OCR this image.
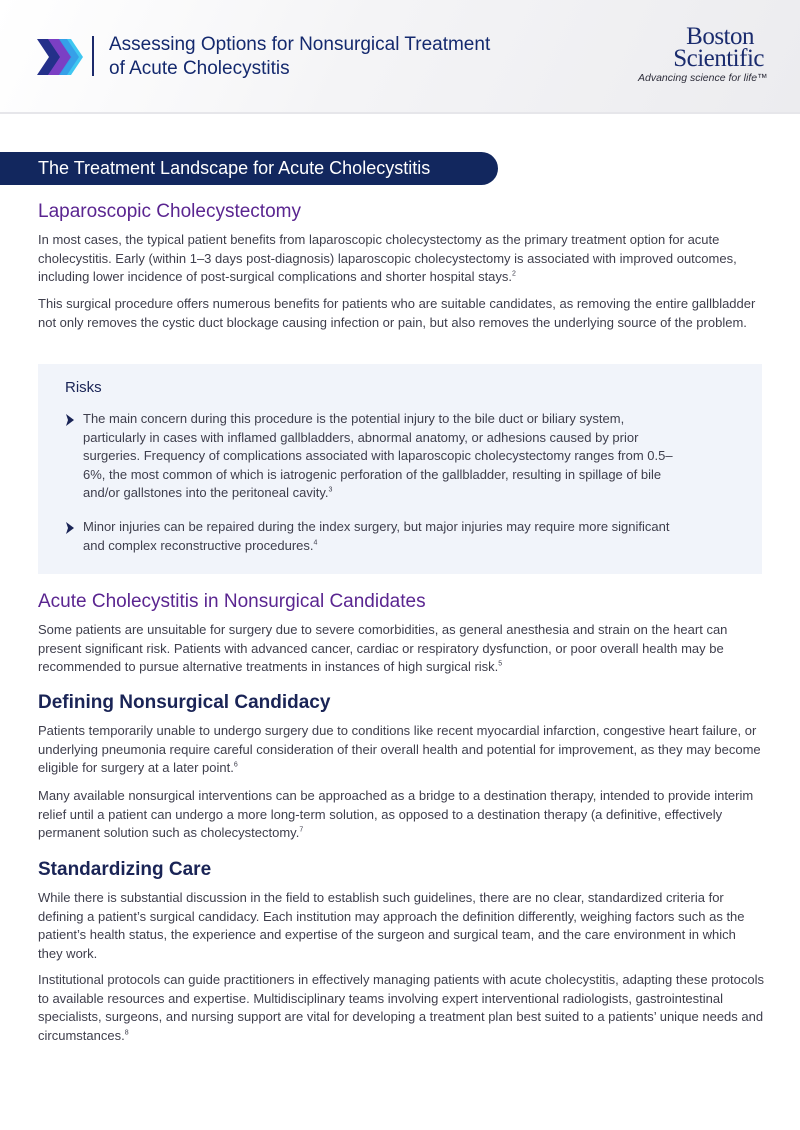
Assessing Options for Nonsurgical Treatment
of Acute Cholecystitis
Boston
Scientific
Advancing science for life™
The Treatment Landscape for Acute Cholecystitis
Laparoscopic Cholecystectomy
In most cases, the typical patient benefits from laparoscopic cholecystectomy as the primary treatment option for acute cholecystitis. Early (within 1–3 days post-diagnosis) laparoscopic cholecystectomy is associated with improved outcomes, including lower incidence of post-surgical complications and shorter hospital stays.$^2$
This surgical procedure offers numerous benefits for patients who are suitable candidates, as removing the entire gallbladder not only removes the cystic duct blockage causing infection or pain, but also removes the underlying source of the problem.
Risks
The main concern during this procedure is the potential injury to the bile duct or biliary system, particularly in cases with inflamed gallbladders, abnormal anatomy, or adhesions caused by prior surgeries. Frequency of complications associated with laparoscopic cholecystectomy ranges from 0.5–6%, the most common of which is iatrogenic perforation of the gallbladder, resulting in spillage of bile and/or gallstones into the peritoneal cavity.$^3$
Minor injuries can be repaired during the index surgery, but major injuries may require more significant and complex reconstructive procedures.$^4$
Acute Cholecystitis in Nonsurgical Candidates
Some patients are unsuitable for surgery due to severe comorbidities, as general anesthesia and strain on the heart can present significant risk. Patients with advanced cancer, cardiac or respiratory dysfunction, or poor overall health may be recommended to pursue alternative treatments in instances of high surgical risk.$^5$
Defining Nonsurgical Candidacy
Patients temporarily unable to undergo surgery due to conditions like recent myocardial infarction, congestive heart failure, or underlying pneumonia require careful consideration of their overall health and potential for improvement, as they may become eligible for surgery at a later point.$^6$
Many available nonsurgical interventions can be approached as a bridge to a destination therapy, intended to provide interim relief until a patient can undergo a more long-term solution, as opposed to a destination therapy (a definitive, effectively permanent solution such as cholecystectomy.$^7$
Standardizing Care
While there is substantial discussion in the field to establish such guidelines, there are no clear, standardized criteria for defining a patient’s surgical candidacy. Each institution may approach the definition differently, weighing factors such as the patient’s health status, the experience and expertise of the surgeon and surgical team, and the care environment in which they work.
Institutional protocols can guide practitioners in effectively managing patients with acute cholecystitis, adapting these protocols to available resources and expertise. Multidisciplinary teams involving expert interventional radiologists, gastrointestinal specialists, surgeons, and nursing support are vital for developing a treatment plan best suited to a patients’ unique needs and circumstances.$^8$
